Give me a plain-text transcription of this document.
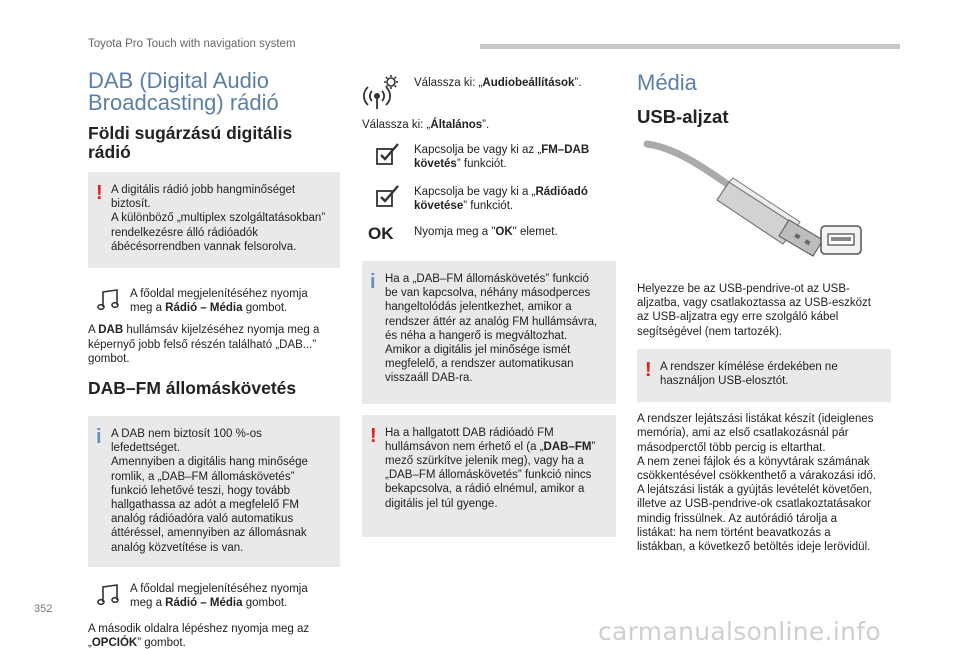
Toyota Pro Touch with navigation system
DAB (Digital Audio
Broadcasting) rádió
Földi sugárzású digitális
rádió
! A digitális rádió jobb hangminőséget

biztosít.

A különböző „multiplex szolgáltatásokban”

rendelkezésre álló rádióadók

ábécésorrendben vannak felsorolva.

A főoldal megjelenítéséhez nyomja

meg a Rádió – Média gombot.

A DAB hullámsáv kijelzéséhez nyomja meg a

képernyő jobb felső részén található „DAB...”

gombot.

DAB–FM állomáskövetés
i A DAB nem biztosít 100 %-os

lefedettséget.

Amennyiben a digitális hang minősége

romlik, a „DAB–FM állomáskövetés”

funkció lehetővé teszi, hogy tovább

hallgathassa az adót a megfelelő FM

analóg rádióadóra való automatikus

áttéréssel, amennyiben az állomásnak

analóg közvetítése is van.

A főoldal megjelenítéséhez nyomja

meg a Rádió – Média gombot.

A második oldalra lépéshez nyomja meg az

„OPCIÓK” gombot.

Válassza ki: „Audiobeállítások”.

Válassza ki: „Általános”.

Kapcsolja be vagy ki az „FM–DAB

követés” funkciót.

Kapcsolja be vagy ki a „Rádióadó

követése” funkciót.

OK	Nyomja meg a "OK" elemet.

i Ha a „DAB–FM állomáskövetés” funkció

be van kapcsolva, néhány másodperces

hangeltolódás jelentkezhet, amikor a

rendszer áttér az analóg FM hullámsávra,

és néha a hangerő is megváltozhat.

Amikor a digitális jel minősége ismét

megfelelő, a rendszer automatikusan

visszaáll DAB-ra.

! Ha a hallgatott DAB rádióadó FM

hullámsávon nem érhető el (a „DAB–FM”

mező szürkítve jelenik meg), vagy ha a

„DAB–FM állomáskövetés” funkció nincs

bekapcsolva, a rádió elnémul, amikor a

digitális jel túl gyenge.

Média
USB-aljzat

Helyezze be az USB-pendrive-ot az USB-

aljzatba, vagy csatlakoztassa az USB-eszközt

az USB-aljzatra egy erre szolgáló kábel

segítségével (nem tartozék).

! A rendszer kímélése érdekében ne

használjon USB-elosztót.

A rendszer lejátszási listákat készít (ideiglenes

memória), ami az első csatlakozásnál pár

másodperctől több percig is eltarthat.

A nem zenei fájlok és a könyvtárak számának

csökkentésével csökkenthető a várakozási idő.

A lejátszási listák a gyújtás levételét követően,

illetve az USB-pendrive-ok csatlakoztatásakor

mindig frissülnek. Az autórádió tárolja a

listákat: ha nem történt beavatkozás a

listákban, a következő betöltés ideje lerövidül.

352
carmanualsonline.info
